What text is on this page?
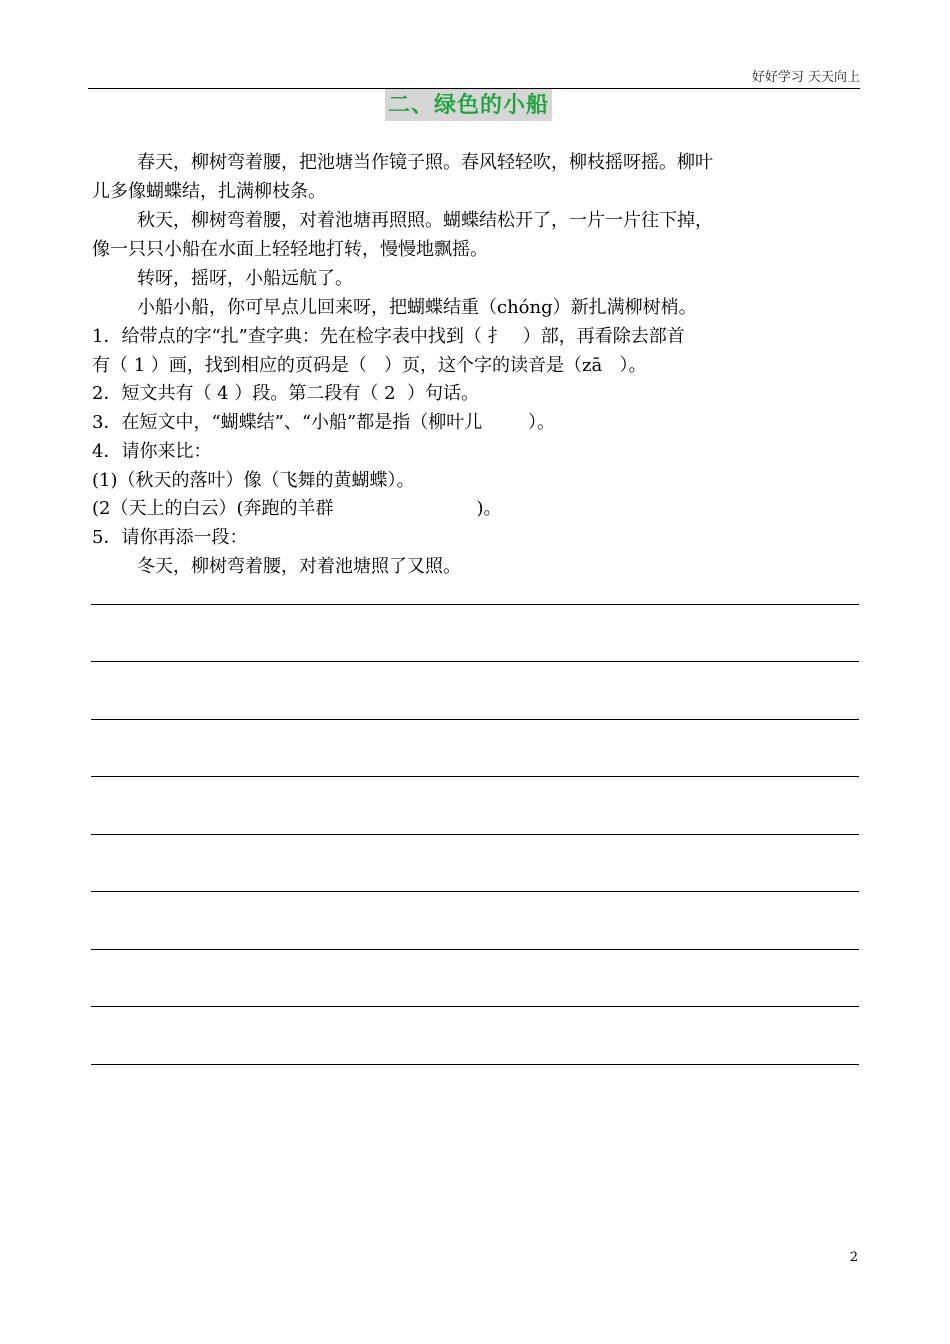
好好学习 天天向上
二、绿色的小船
春天，柳树弯着腰，把池塘当作镜子照。春风轻轻吹，柳枝摇呀摇。柳叶
儿多像蝴蝶结，扎满柳枝条。
秋天，柳树弯着腰，对着池塘再照照。蝴蝶结松开了，一片一片往下掉，
像一只只小船在水面上轻轻地打转，慢慢地飘摇。
转呀，摇呀，小船远航了。
小船小船，你可早点儿回来呀，把蝴蝶结重（chóng）新扎满柳树梢。
1．给带点的字“扎”查字典：先在检字表中找到（ 扌   ）部，再看除去部首
有（ 1 ）画，找到相应的页码是（   ）页，这个字的读音是（zā   ）。
2．短文共有（ 4 ）段。第二段有（ 2  ）句话。
3．在短文中，“蝴蝶结”、“小船”都是指（柳叶儿        ）。
4．请你来比：
(1)（秋天的落叶）像（飞舞的黄蝴蝶）。
(2（天上的白云）(奔跑的羊群                         )。
5．请你再添一段：
冬天，柳树弯着腰，对着池塘照了又照。
2
